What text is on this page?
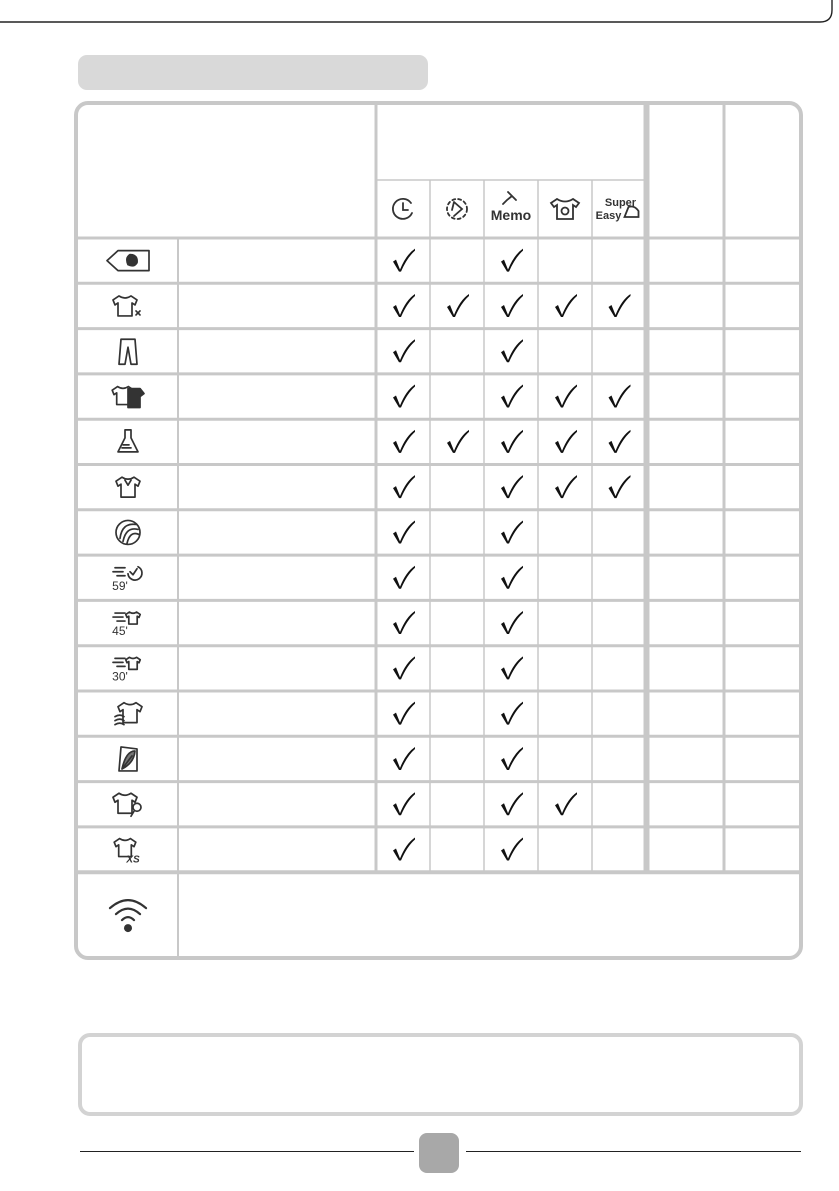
Memo
Super
Easy
59'
45'
30'
XS
